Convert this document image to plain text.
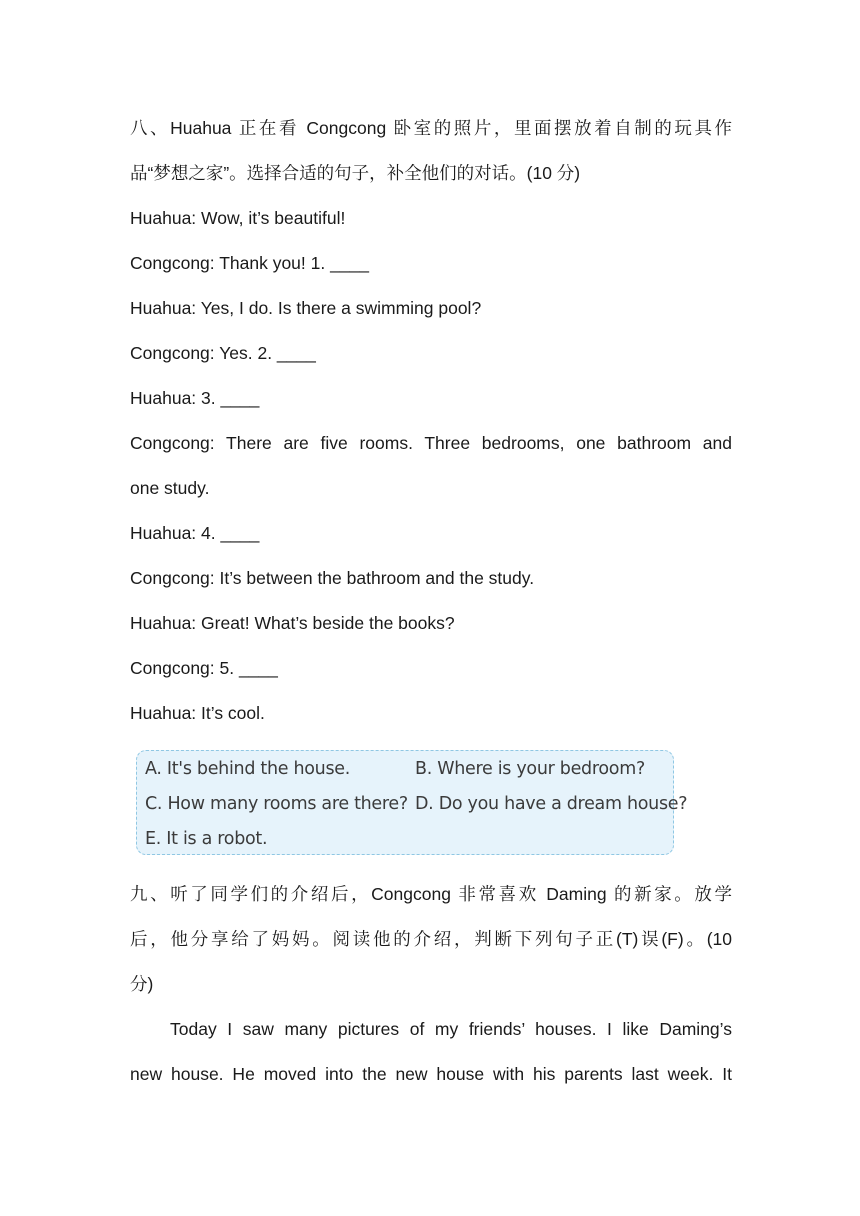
八、Huahua 正在看 Congcong 卧室的照片，里面摆放着自制的玩具作
品“梦想之家”。选择合适的句子，补全他们的对话。(10 分)
Huahua: Wow, it’s beautiful!
Congcong: Thank you! 1. ____
Huahua: Yes, I do. Is there a swimming pool?
Congcong: Yes. 2. ____
Huahua: 3. ____
Congcong: There are five rooms. Three bedrooms, one bathroom and
one study.
Huahua: 4. ____
Congcong: It’s between the bathroom and the study.
Huahua: Great! What’s beside the books?
Congcong: 5. ____
Huahua: It’s cool.
A. It's behind the house.	B. Where is your bedroom?
C. How many rooms are there? D. Do you have a dream house?
E. It is a robot.
九、听了同学们的介绍后，Congcong 非常喜欢 Daming 的新家。放学
后，他分享给了妈妈。阅读他的介绍，判断下列句子正(T)误(F)。(10
分)
Today I saw many pictures of my friends’ houses. I like Daming’s
new house. He moved into the new house with his parents last week. It
